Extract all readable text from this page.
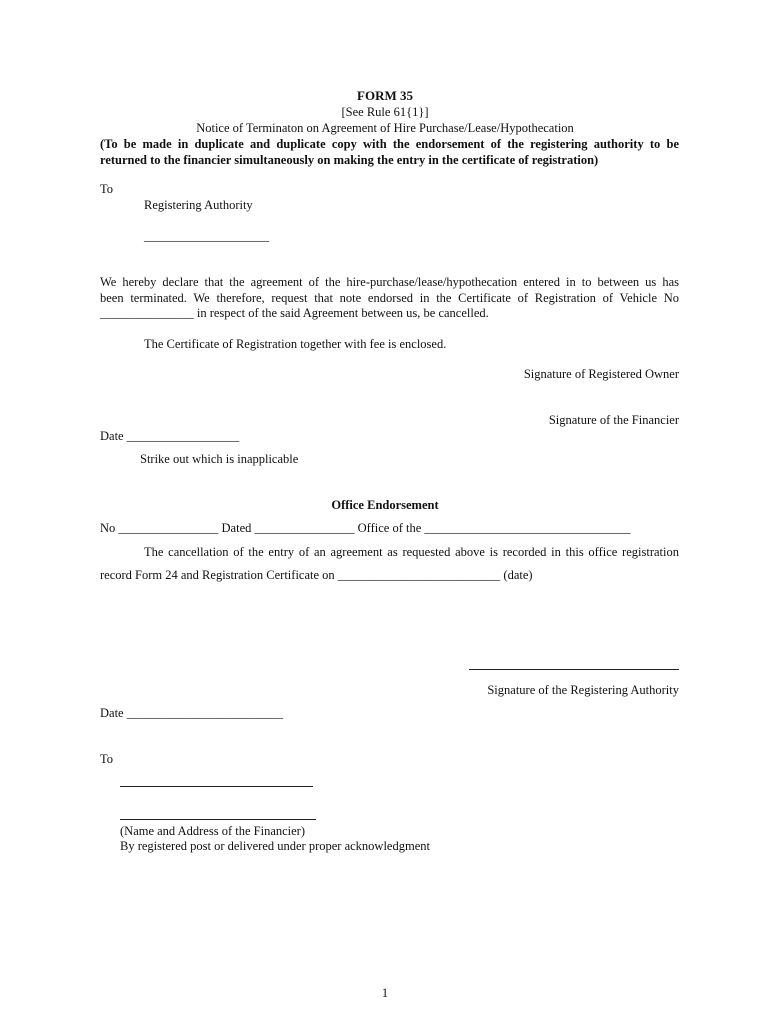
FORM 35
[See Rule 61{1}]
Notice of Terminaton on Agreement of Hire Purchase/Lease/Hypothecation
(To be made in duplicate and duplicate copy with the endorsement of the registering authority to be
returned to the financier simultaneously on making the entry in the certificate of registration)
To
Registering Authority
____________________
We hereby declare that the agreement of the hire-purchase/lease/hypothecation entered in to between us has
been terminated. We therefore, request that note endorsed in the Certificate of Registration of Vehicle No
_______________ in respect of the said Agreement between us, be cancelled.
The Certificate of Registration together with fee is enclosed.
Signature of Registered Owner
Signature of the Financier
Date __________________
Strike out which is inapplicable
Office Endorsement
No ________________ Dated ________________ Office of the _________________________________
The cancellation of the entry of an agreement as requested above is recorded in this office registration
record Form 24 and Registration Certificate on __________________________ (date)
Signature of the Registering Authority
Date _________________________
To
(Name and Address of the Financier)
By registered post or delivered under proper acknowledgment
1
